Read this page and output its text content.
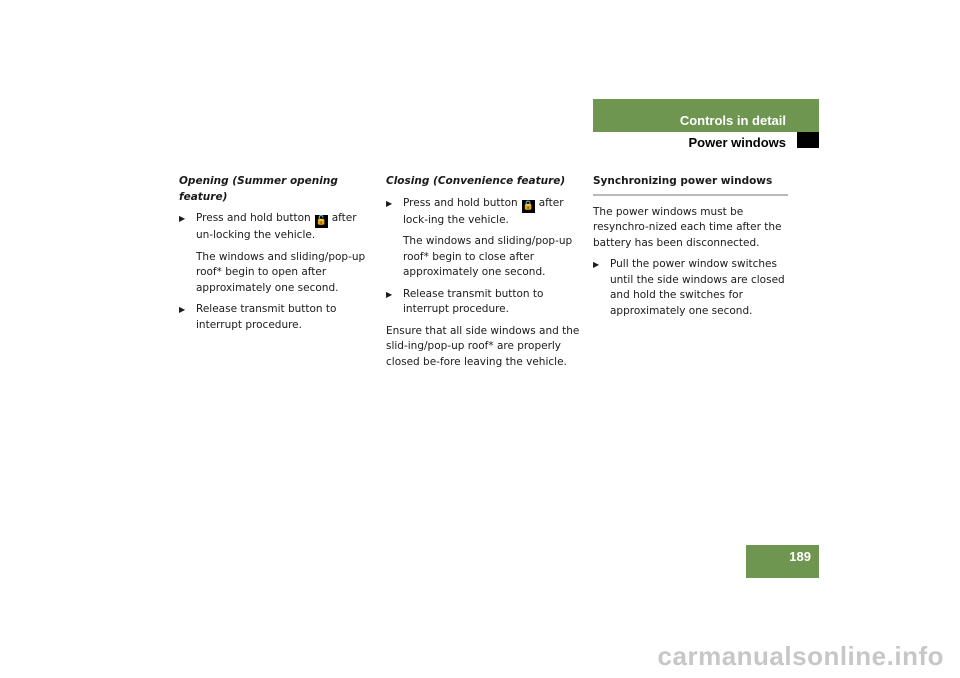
Controls in detail
Power windows

Opening (Summer opening feature)

▶ Press and hold button 🔓 after un-locking the vehicle.

The windows and sliding/pop-up roof* begin to open after approximately one second.

▶ Release transmit button to interrupt procedure.

Closing (Convenience feature)

▶ Press and hold button 🔒 after lock-ing the vehicle.

The windows and sliding/pop-up roof* begin to close after approximately one second.

▶ Release transmit button to interrupt procedure.

Ensure that all side windows and the slid-ing/pop-up roof* are properly closed be-fore leaving the vehicle.

Synchronizing power windows

The power windows must be resynchro-nized each time after the battery has been disconnected.

▶ Pull the power window switches until the side windows are closed and hold the switches for approximately one second.

189
carmanualsonline.info
